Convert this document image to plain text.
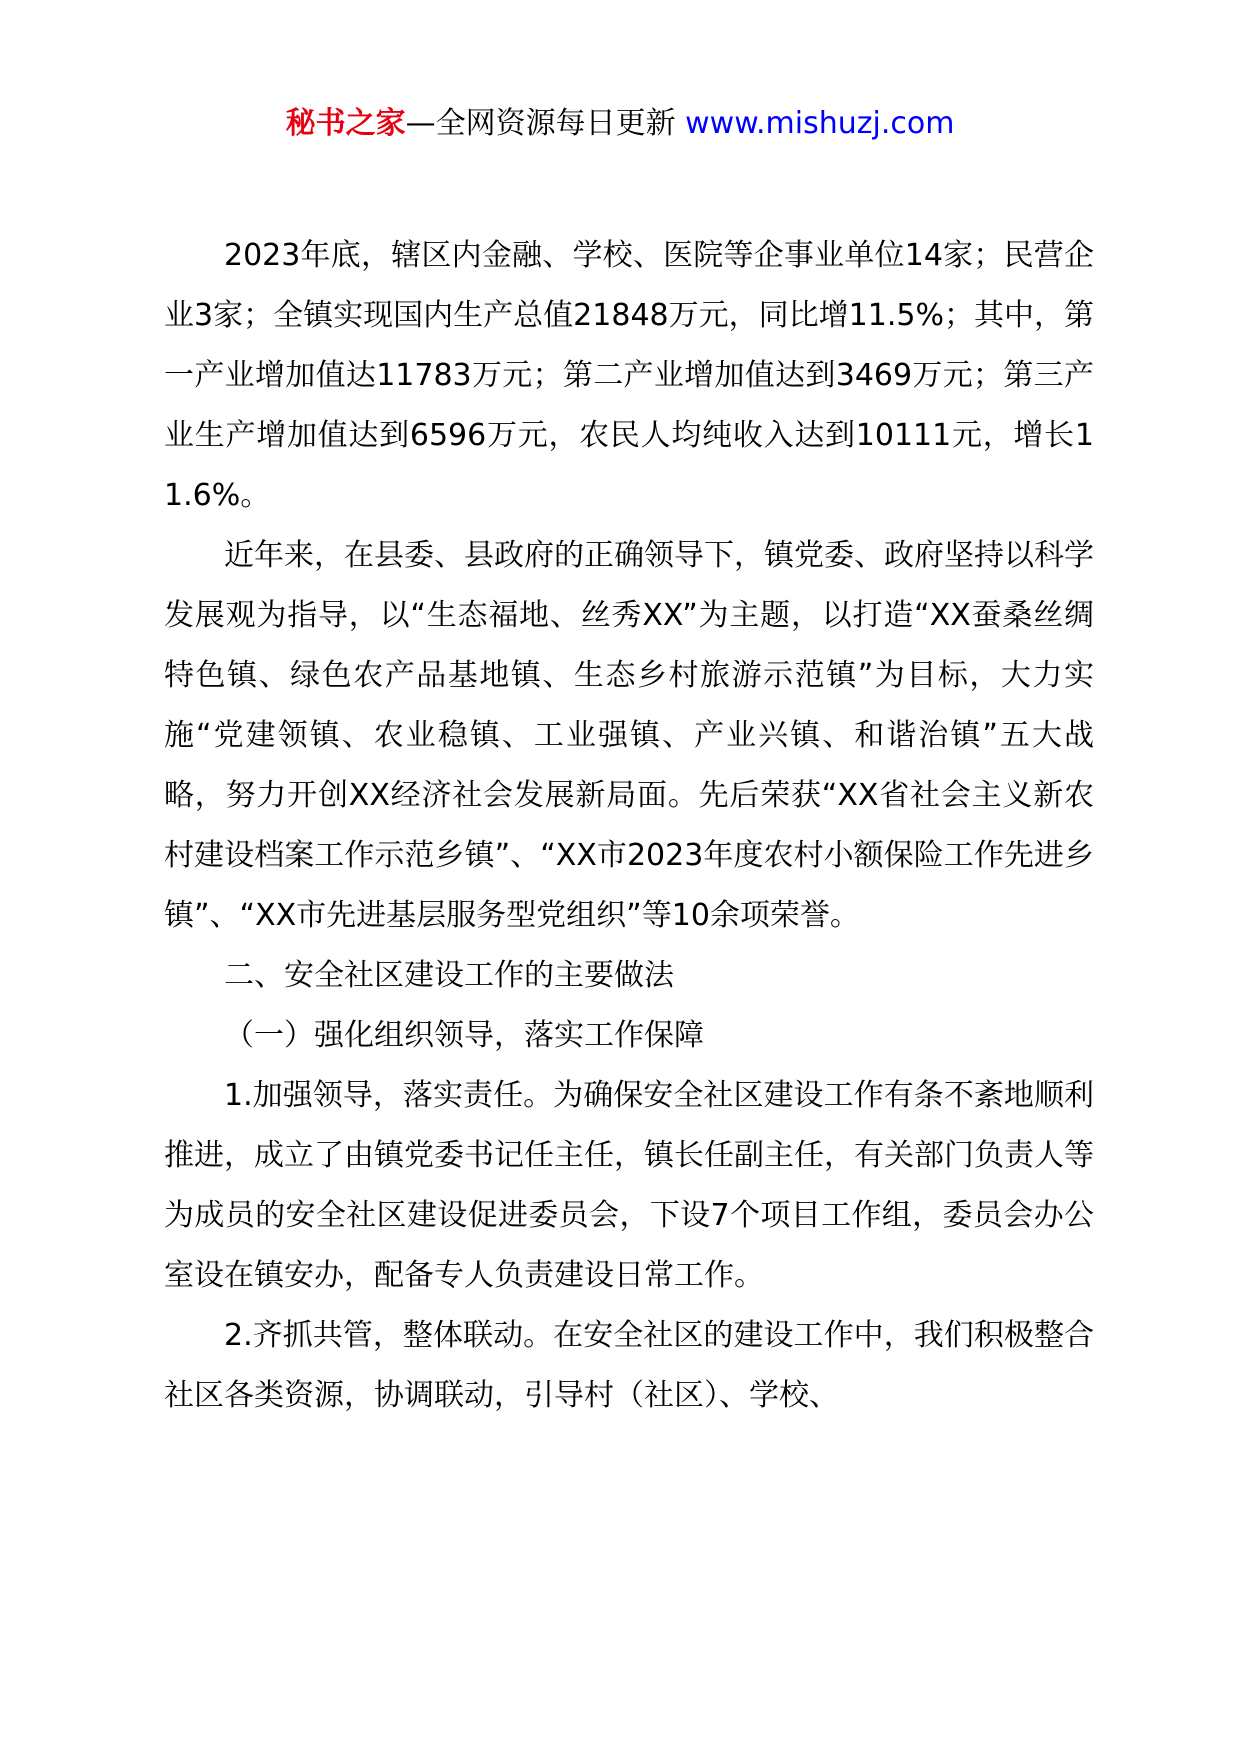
秘书之家—全网资源每日更新 www.mishuzj.com

2023年底，辖区内金融、学校、医院等企事业单位14家；民营企业3家；全镇实现国内生产总值21848万元，同比增11.5%；其中，第一产业增加值达11783万元；第二产业增加值达到3469万元；第三产业生产增加值达到6596万元，农民人均纯收入达到10111元，增长11.6%。

近年来，在县委、县政府的正确领导下，镇党委、政府坚持以科学发展观为指导，以“生态福地、丝秀XX”为主题，以打造“XX蚕桑丝绸特色镇、绿色农产品基地镇、生态乡村旅游示范镇”为目标，大力实施“党建领镇、农业稳镇、工业强镇、产业兴镇、和谐治镇”五大战略，努力开创XX经济社会发展新局面。先后荣获“XX省社会主义新农村建设档案工作示范乡镇”、“XX市2023年度农村小额保险工作先进乡镇”、“XX市先进基层服务型党组织”等10余项荣誉。

二、安全社区建设工作的主要做法

（一）强化组织领导，落实工作保障

1.加强领导，落实责任。为确保安全社区建设工作有条不紊地顺利推进，成立了由镇党委书记任主任，镇长任副主任，有关部门负责人等为成员的安全社区建设促进委员会，下设7个项目工作组，委员会办公室设在镇安办，配备专人负责建设日常工作。

2.齐抓共管，整体联动。在安全社区的建设工作中，我们积极整合社区各类资源，协调联动，引导村（社区）、学校、
